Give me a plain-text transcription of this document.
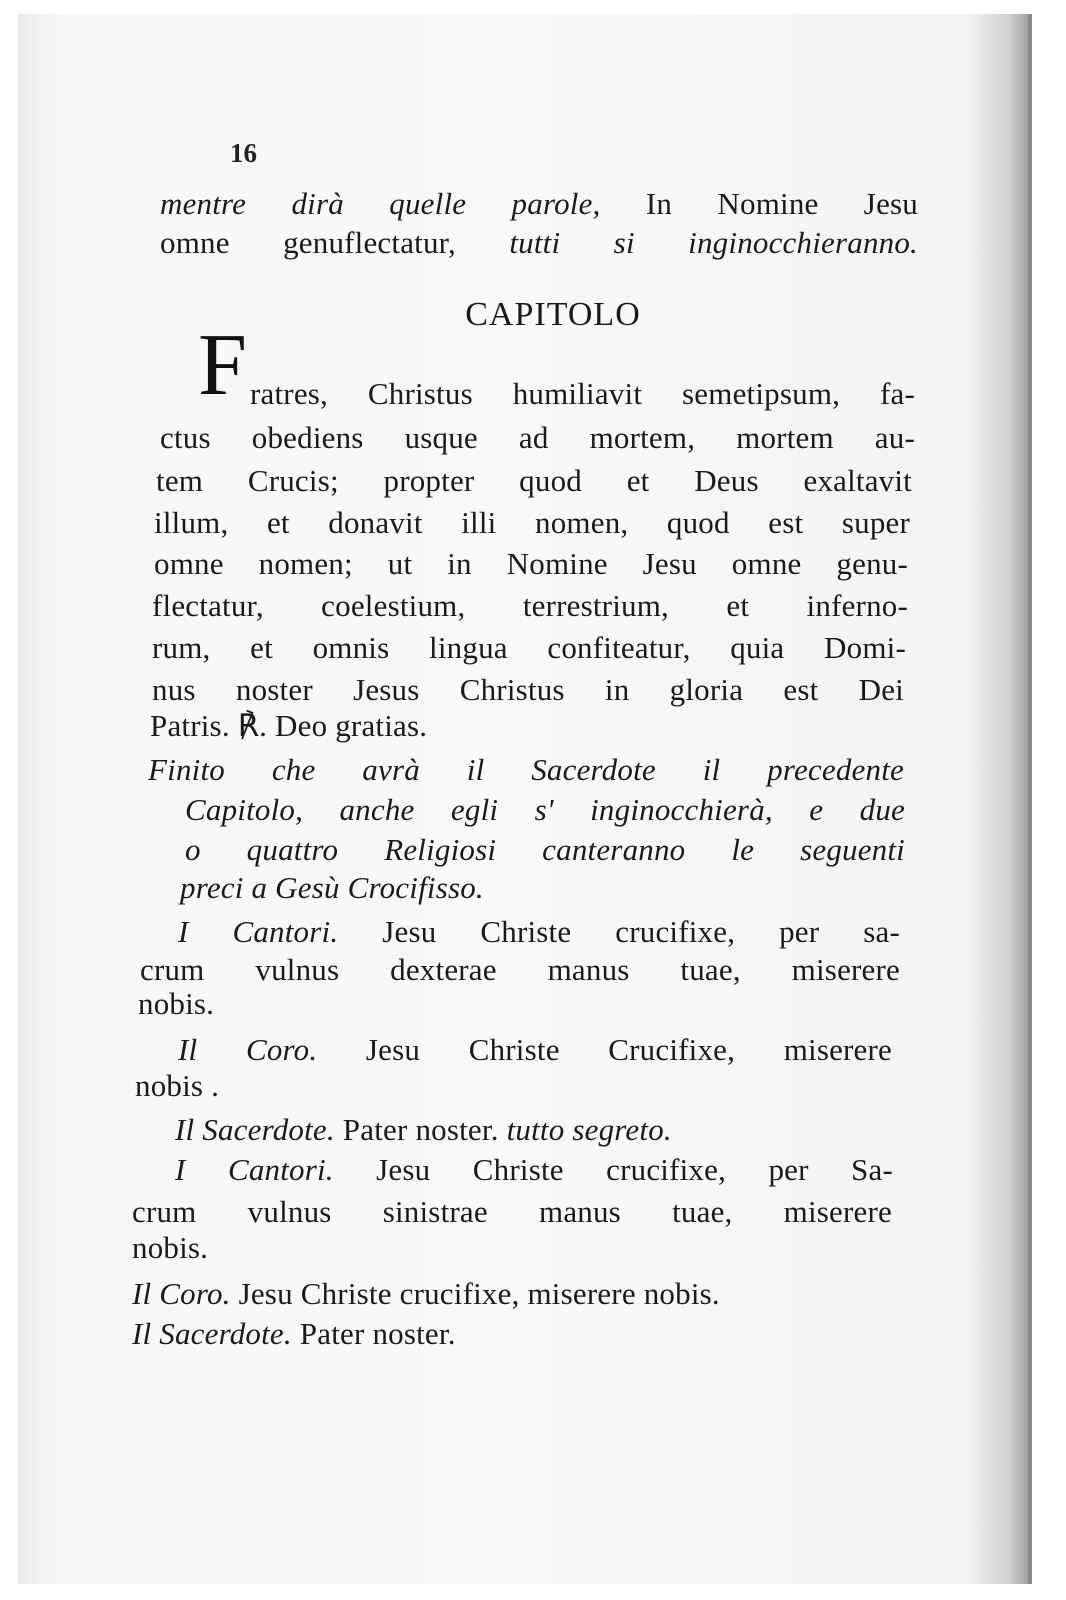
16
CAPITOLO
F
mentre dirà quelle parole, In Nomine Jesu
omne genuflectatur, tutti si inginocchieranno.
ratres, Christus humiliavit semetipsum, fa-
ctus obediens usque ad mortem, mortem au-
tem Crucis; propter quod et Deus exaltavit
illum, et donavit illi nomen, quod est super
omne nomen; ut in Nomine Jesu omne genu-
flectatur, coelestium, terrestrium, et inferno-
rum, et omnis lingua confiteatur, quia Domi-
nus noster Jesus Christus in gloria est Dei
Patris. ℟. Deo gratias.
Finito che avrà il Sacerdote il precedente
Capitolo, anche egli s' inginocchierà, e due
o quattro Religiosi canteranno le seguenti
preci a Gesù Crocifisso.
I Cantori. Jesu Christe crucifixe, per sa-
crum vulnus dexterae manus tuae, miserere
nobis.
Il Coro. Jesu Christe Crucifixe, miserere
nobis .
Il Sacerdote. Pater noster. tutto segreto.
I Cantori. Jesu Christe crucifixe, per Sa-
crum vulnus sinistrae manus tuae, miserere
nobis.
Il Coro. Jesu Christe crucifixe, miserere nobis.
Il Sacerdote. Pater noster.
